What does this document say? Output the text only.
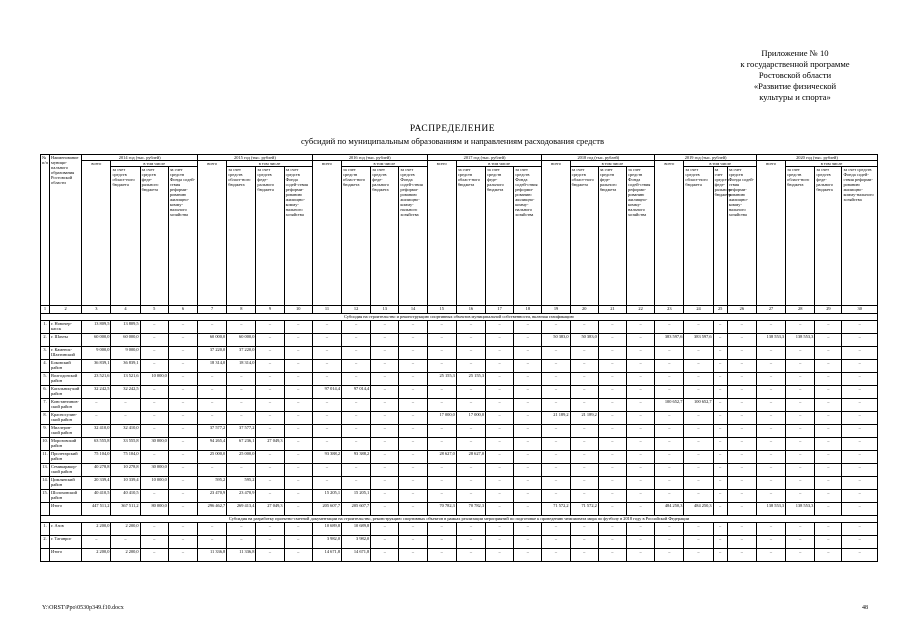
Приложение № 10
к государственной программе
Ростовской области
«Развитие физической
культуры и спорта»
РАСПРЕДЕЛЕНИЕ
субсидий по муниципальным образованиям и направлениям расходования средств
№ п/п	Наименование муници-пального образования Ростовской области	2014 год (тыс. рублей)				2015 год (тыс. рублей)				2016 год (тыс. рублей)				2017 год (тыс. рублей)				2018 год (тыс. рублей)				2019 год (тыс. рублей)				2020 год (тыс. рублей)			
		всего	в том числе			всего	в том числе			всего	в том числе			всего	в том числе			всего	в том числе			всего	в том числе			всего	в том числе		
			за счет средств област-ного бюджета	за счет средств феде-рального бюджета	за счет средств Фонда содей-ствия реформи-рованию жилищно-комму-нального хозяйства		за счет средств област-ного бюджета	за счет средств феде-рального бюджета	за счет средств Фонда содей-ствия реформи-рованию жилищно-комму-нального хозяйства		за счет средств област-ного бюджета	за счет средств феде-рального бюджета	за счет средств Фонда содей-ствия реформи-рованию жилищно-комму-нального хозяйства		за счет средств област-ного бюджета	за счет средств феде-рального бюджета	за счет средств Фонда содей-ствия реформи-рованию жилищно-комму-нального хозяйства		за счет средств област-ного бюджета	за счет средств феде-рального бюджета	за счет средств Фонда содей-ствия реформи-рованию жилищно-комму-нального хозяйства		за счет средств област-ного бюджета	за счет средств феде-рального бюджета	за счет средств Фонда содей-ствия реформи-рованию жилищно-комму-нального хозяйства		за счет средств област-ного бюджета	за счет средств феде-рального бюджета	за счет средств Фонда содей-ствия реформи-рованию жилищно-комму-нального хозяйства
1	2	3	4	5	6	7	8	9	10	11	12	13	14	15	16	17	18	19	20	21	22	23	24	25	26	27	28	29	30
Субсидия на строительство и реконструкцию спортивных объектов муниципальной собственности, включая газификацию																													
1.	г. Новочер-касск	13 809,5	13 809,5	–	–	–	–	–	–	–	–	–	–	–	–	–	–	–	–	–	–	–	–	–	–	–	–	–	–
2.	г. Шахты	60 000,0	60 000,0	–	–	60 000,0	60 000,0	–	–	–	–	–	–	–	–	–	–	50 383,0	50 383,0	–	–	383 597,6	383 597,6	–	–	138 553,3	138 553,3	–	–
3.	г. Каменск-Шахтинский	9 000,0	9 000,0	–	–	37 220,0	37 220,0	–	–	–	–	–	–	–	–	–	–	–	–	–	–	–	–	–	–	–	–	–	–
4.	Боковский район	36 839,1	36 839,1	–	–	18 314,0	18 314,0	–	–	–	–	–	–	–	–	–	–	–	–	–	–	–	–	–	–	–	–	–	–
5.	Волгодонской район	23 521,6	13 521,6	10 000,0	–	–	–	–	–	–	–	–	–	25 155,3	25 155,3	–	–	–	–	–	–	–	–	–	–	–	–	–	–
6.	Кагальниц-кий район	32 242,5	32 242,5	–	–	–	–	–	–	97 014,4	97 014,4	–	–	–	–	–	–	–	–	–	–	–	–	–	–	–	–	–	–
7.	Константинов-ский район	–	–	–	–	–	–	–	–	–	–	–	–	–	–	–	–	–	–	–	–	100 652,7	100 652,7	–	–	–	–	–	–
8.	Красносулин-ский район	–	–	–	–	–	–	–	–	–	–	–	–	17 000,0	17 000,0	–	–	21 189,2	21 189,2	–	–	–	–	–	–	–	–	–	–
9.	Миллеров-ский район	32 410,0	32 410,0	–	–	37 577,2	37 577,2	–	–	–	–	–	–	–	–	–	–	–	–	–	–	–	–	–	–	–	–	–	–
10.	Морозовский район	63 555,8	33 555,8	30 000,0	–	94 265,4	67 236,1	27 049,3	–	–	–	–	–	–	–	–	–	–	–	–	–	–	–	–	–	–	–	–	–
11.	Пролетарский район	75 104,0	75 104,0	–	–	25 000,0	25 000,0	–	–	93 388,2	93 388,2	–	–	28 627,0	28 627,0	–	–	–	–	–	–	–	–	–	–	–	–	–	–
13.	Семикаракор-ский район	40 278,8	10 278,8	30 000,0	–	–	–	–	–	–	–	–	–	–	–	–	–	–	–	–	–	–	–	–	–	–	–	–	–
14.	Цимлянский район	20 339,4	10 339,4	10 000,0	–	595,2	595,2	–	–	–	–	–	–	–	–	–	–	–	–	–	–	–	–	–	–	–	–	–	–
15.	Шолоховский район	40 410,5	40 410,5	–	–	23 470,9	23 470,9	–	–	15 205,1	15 205,1	–	–	–	–	–	–	–	–	–	–	–	–	–	–	–	–	–	–
	Итого	447 511,2	367 511,2	80 000,0	–	296 462,7	269 413,4	27 049,3	–	205 607,7	205 607,7	–	–	70 782,3	70 782,3	–	–	71 572,2	71 572,2	–	–	484 250,3	484 250,3	–	–	138 553,3	138 553,3	–	–
Субсидия на разработку проектно-сметной документации на строительство, реконструкцию спортивных объектов в рамках реализации мероприятий по подготовке к проведению чемпионата мира по футболу в 2018 году в Российской Федерации																													
1.	г. Азов	2 200,0	2 200,0	–	–	–	–	–	–	10 689,8	10 689,8	–	–	–	–	–	–	–	–	–	–	–	–	–	–	–	–	–	–
2.	г. Таганрог	–	–	–	–	–	–	–	–	3 982,0	3 982,0	–	–	–	–	–	–	–	–	–	–	–	–	–	–	–	–	–	–
	Итого	2 200,0	2 200,0	–	–	11 336,8	11 336,8	–	–	14 671,8	14 671,8	–	–	–	–	–	–	–	–	–	–	–	–	–	–	–	–	–	–
Y:\ORST\Ppo\0530p349.f10.docx	48
